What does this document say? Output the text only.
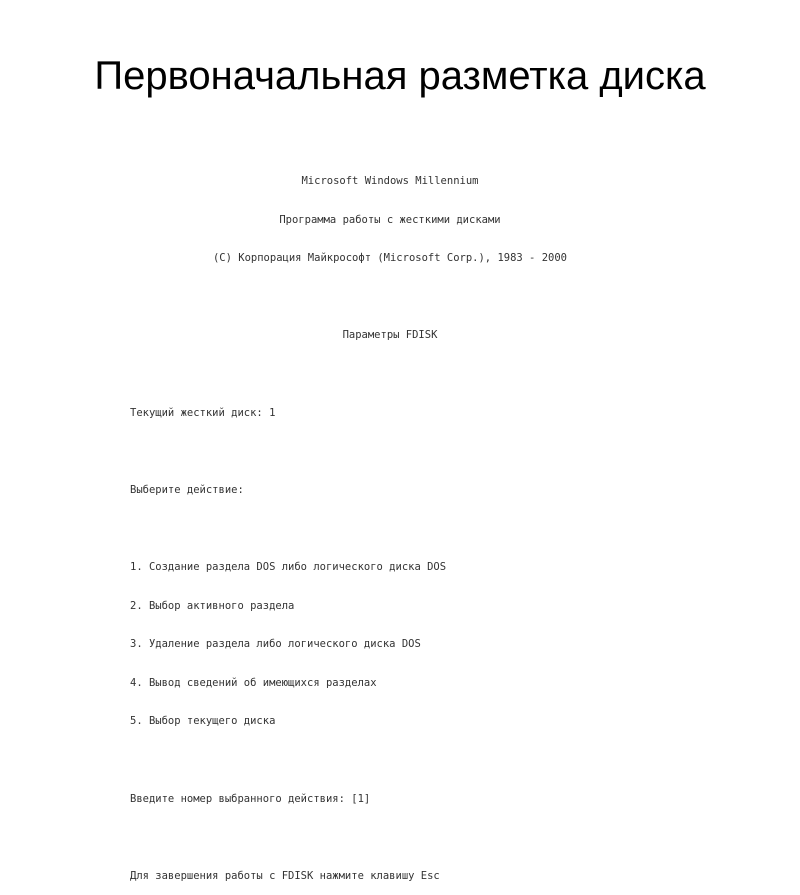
Первоначальная разметка диска

Microsoft Windows Millennium

Программа работы с жесткими дисками

(C) Корпорация Майкрософт (Microsoft Corp.), 1983 - 2000

Параметры FDISK

Текущий жесткий диск: 1

Выберите действие:

1. Создание раздела DOS либо логического диска DOS

2. Выбор активного раздела

3. Удаление раздела либо логического диска DOS

4. Вывод сведений об имеющихся разделах

5. Выбор текущего диска

Введите номер выбранного действия: [1]

Для завершения работы с FDISK нажмите клавишу Esc
